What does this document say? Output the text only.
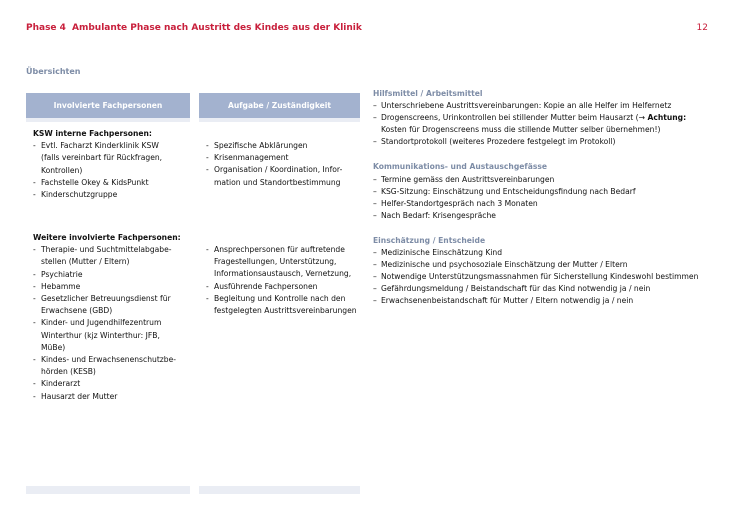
Phase 4 Ambulante Phase nach Austritt des Kindes aus der Klinik	12
Übersichten
Involvierte Fachpersonen
KSW interne Fachpersonen:
- Evtl. Facharzt Kinderklinik KSW
(falls vereinbart für Rückfragen,
Kontrollen)
- Fachstelle Okey & KidsPunkt
- Kinderschutzgruppe
Weitere involvierte Fachpersonen:
- Therapie- und Suchtmittelabgabe-
stellen (Mutter / Eltern)
- Psychiatrie
- Hebamme
- Gesetzlicher Betreuungsdienst für
Erwachsene (GBD)
- Kinder- und Jugendhilfezentrum
Winterthur (kjz Winterthur: JFB,
MüBe)
- Kindes- und Erwachsenenschutzbe-
hörden (KESB)
- Kinderarzt
- Hausarzt der Mutter
Aufgabe / Zuständigkeit
- Spezifische Abklärungen
- Krisenmanagement
- Organisation / Koordination, Infor-
mation und Standortbestimmung
- Ansprechpersonen für auftretende
Fragestellungen, Unterstützung,
Informationsaustausch, Vernetzung,
- Ausführende Fachpersonen
- Begleitung und Kontrolle nach den
festgelegten Austrittsvereinbarungen
Hilfsmittel / Arbeitsmittel
– Unterschriebene Austrittsvereinbarungen: Kopie an alle Helfer im Helfernetz
– Drogenscreens, Urinkontrollen bei stillender Mutter beim Hausarzt (→ Achtung:
Kosten für Drogenscreens muss die stillende Mutter selber übernehmen!)
– Standortprotokoll (weiteres Prozedere festgelegt im Protokoll)
Kommunikations- und Austauschgefässe
– Termine gemäss den Austrittsvereinbarungen
– KSG-Sitzung: Einschätzung und Entscheidungsfindung nach Bedarf
– Helfer-Standortgespräch nach 3 Monaten
– Nach Bedarf: Krisengespräche
Einschätzung / Entscheide
– Medizinische Einschätzung Kind
– Medizinische und psychosoziale Einschätzung der Mutter / Eltern
– Notwendige Unterstützungsmassnahmen für Sicherstellung Kindeswohl bestimmen
– Gefährdungsmeldung / Beistandschaft für das Kind notwendig ja / nein
– Erwachsenenbeistandschaft für Mutter / Eltern notwendig ja / nein
